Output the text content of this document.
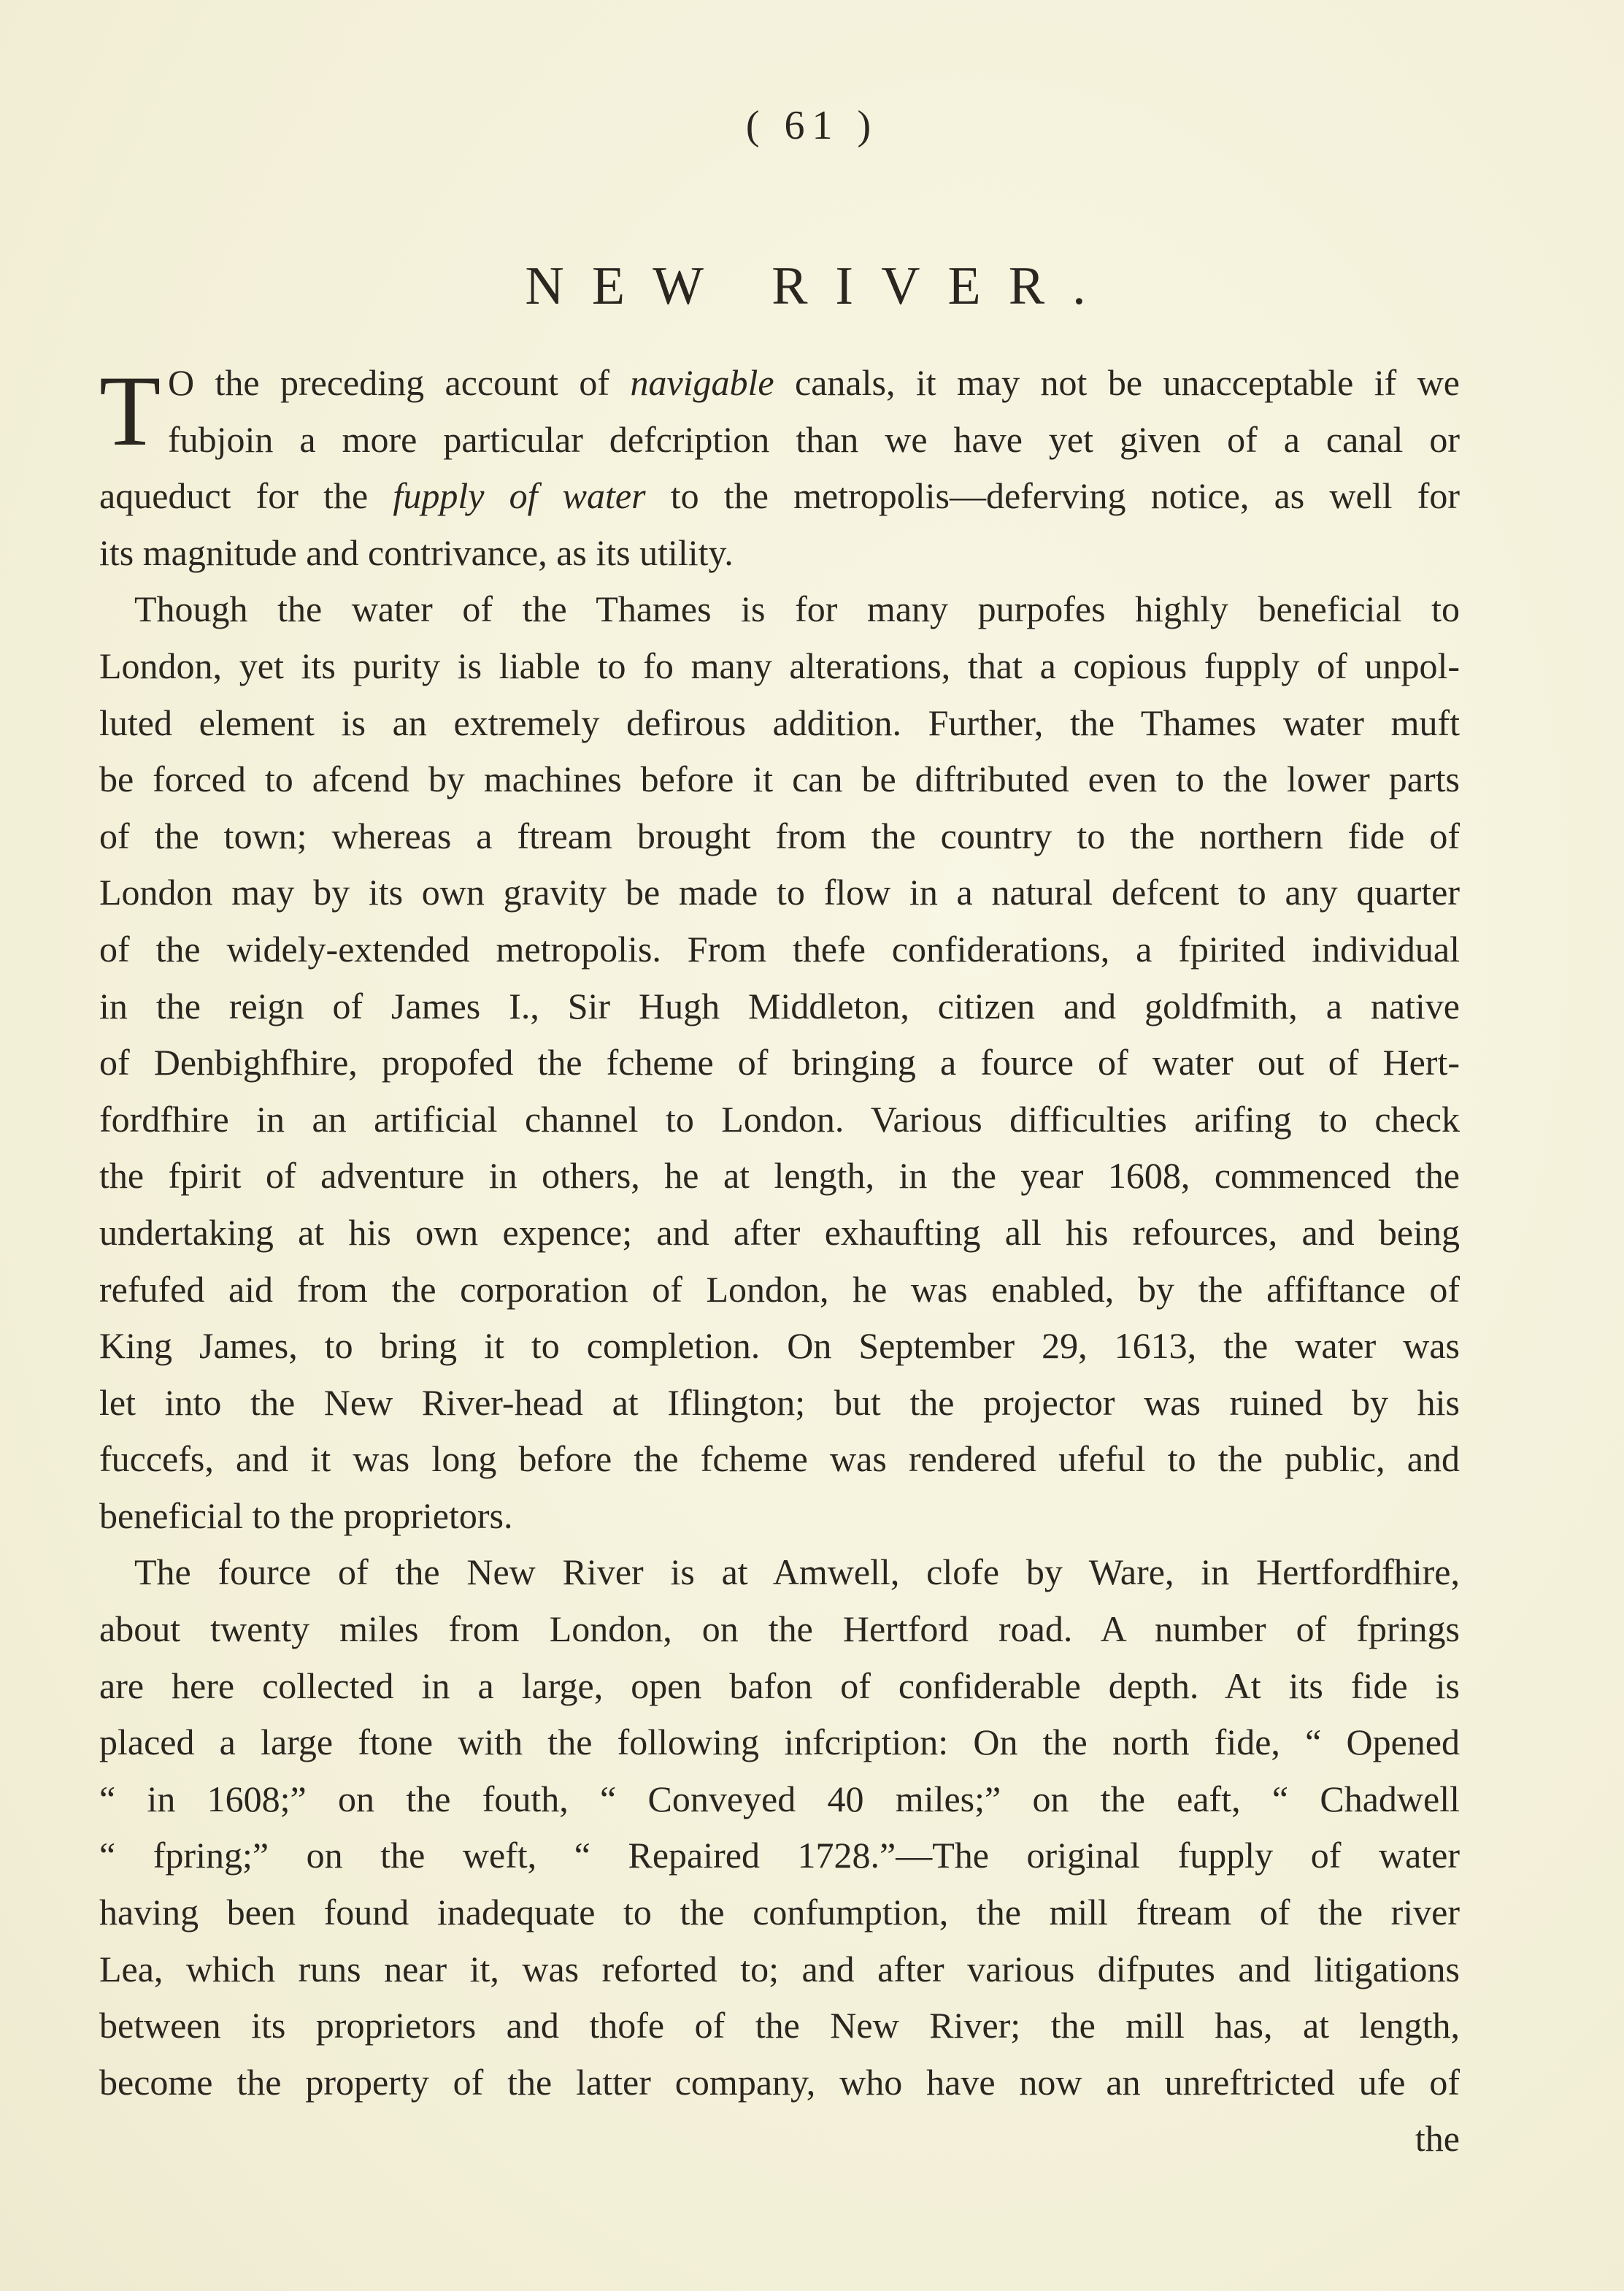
( 61 )
NEW RIVER.
T O the preceding account of navigable canals, it may not be unacceptable if we
fubjoin a more particular defcription than we have yet given of a canal or
aqueduct for the fupply of water to the metropolis—deferving notice, as well for
its magnitude and contrivance, as its utility.
Though the water of the Thames is for many purpofes highly beneficial to
London, yet its purity is liable to fo many alterations, that a copious fupply of unpol-
luted element is an extremely defirous addition. Further, the Thames water muft
be forced to afcend by machines before it can be diftributed even to the lower parts
of the town; whereas a ftream brought from the country to the northern fide of
London may by its own gravity be made to flow in a natural defcent to any quarter
of the widely-extended metropolis. From thefe confiderations, a fpirited individual
in the reign of James I., Sir Hugh Middleton, citizen and goldfmith, a native
of Denbighfhire, propofed the fcheme of bringing a fource of water out of Hert-
fordfhire in an artificial channel to London. Various difficulties arifing to check
the fpirit of adventure in others, he at length, in the year 1608, commenced the
undertaking at his own expence; and after exhaufting all his refources, and being
refufed aid from the corporation of London, he was enabled, by the affiftance of
King James, to bring it to completion. On September 29, 1613, the water was
let into the New River-head at Iflington; but the projector was ruined by his
fuccefs, and it was long before the fcheme was rendered ufeful to the public, and
beneficial to the proprietors.
The fource of the New River is at Amwell, clofe by Ware, in Hertfordfhire,
about twenty miles from London, on the Hertford road. A number of fprings
are here collected in a large, open bafon of confiderable depth. At its fide is
placed a large ftone with the following infcription: On the north fide, “ Opened
“ in 1608;” on the fouth, “ Conveyed 40 miles;” on the eaft, “ Chadwell
“ fpring;” on the weft, “ Repaired 1728.”—The original fupply of water
having been found inadequate to the confumption, the mill ftream of the river
Lea, which runs near it, was reforted to; and after various difputes and litigations
between its proprietors and thofe of the New River; the mill has, at length,
become the property of the latter company, who have now an unreftricted ufe of
the
